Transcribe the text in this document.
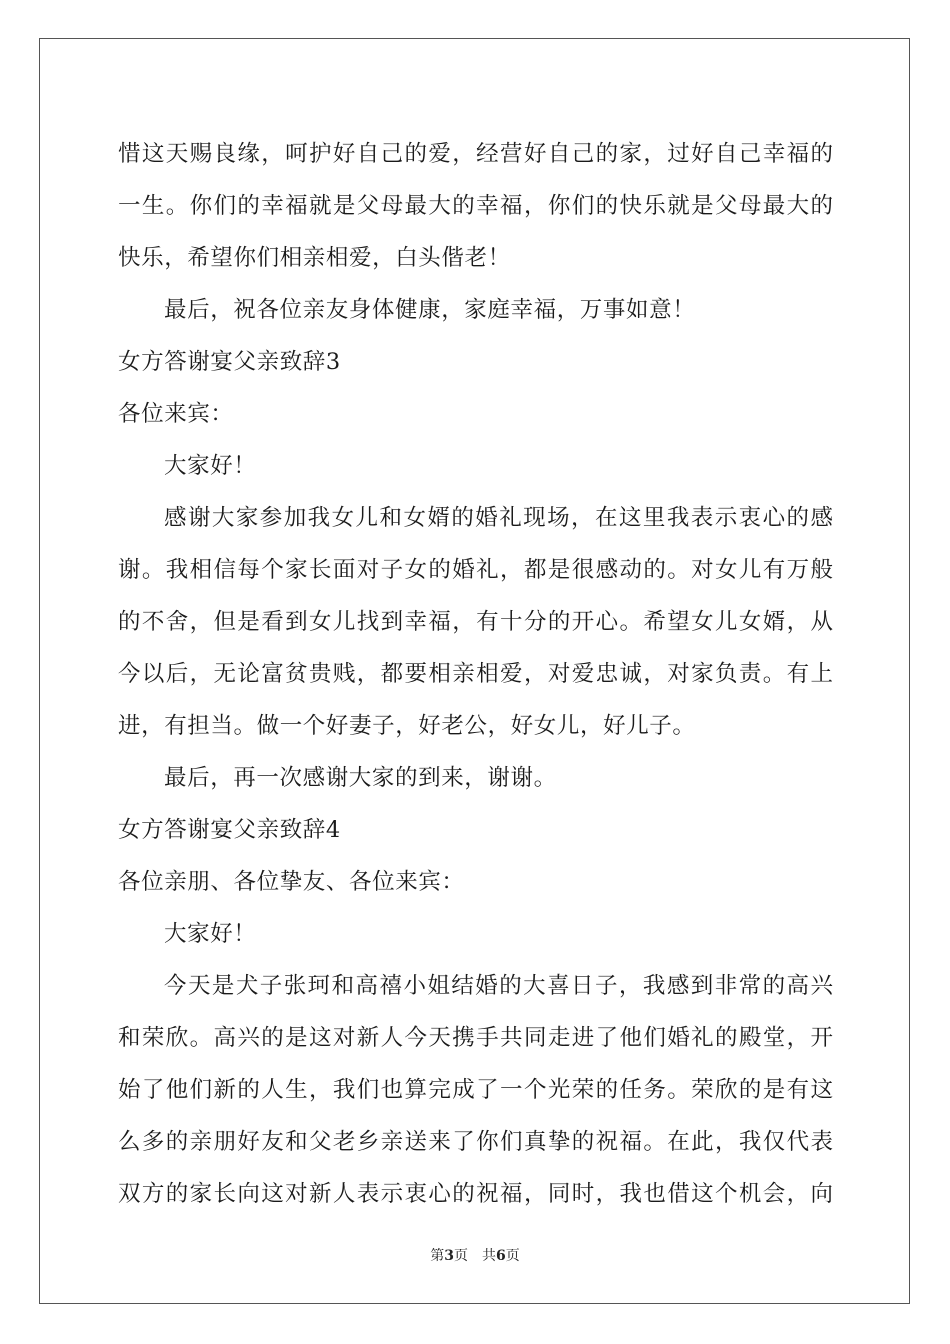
惜这天赐良缘，呵护好自己的爱，经营好自己的家，过好自己幸福的
一生。你们的幸福就是父母最大的幸福，你们的快乐就是父母最大的
快乐，希望你们相亲相爱，白头偕老！
最后，祝各位亲友身体健康，家庭幸福，万事如意！
女方答谢宴父亲致辞3
各位来宾：
大家好！
感谢大家参加我女儿和女婿的婚礼现场，在这里我表示衷心的感
谢。我相信每个家长面对子女的婚礼，都是很感动的。对女儿有万般
的不舍，但是看到女儿找到幸福，有十分的开心。希望女儿女婿，从
今以后，无论富贫贵贱，都要相亲相爱，对爱忠诚，对家负责。有上
进，有担当。做一个好妻子，好老公，好女儿，好儿子。
最后，再一次感谢大家的到来，谢谢。
女方答谢宴父亲致辞4
各位亲朋、各位挚友、各位来宾：
大家好！
今天是犬子张珂和高禧小姐结婚的大喜日子，我感到非常的高兴
和荣欣。高兴的是这对新人今天携手共同走进了他们婚礼的殿堂，开
始了他们新的人生，我们也算完成了一个光荣的任务。荣欣的是有这
么多的亲朋好友和父老乡亲送来了你们真挚的祝福。在此，我仅代表
双方的家长向这对新人表示衷心的祝福，同时，我也借这个机会，向
第3页 共6页
